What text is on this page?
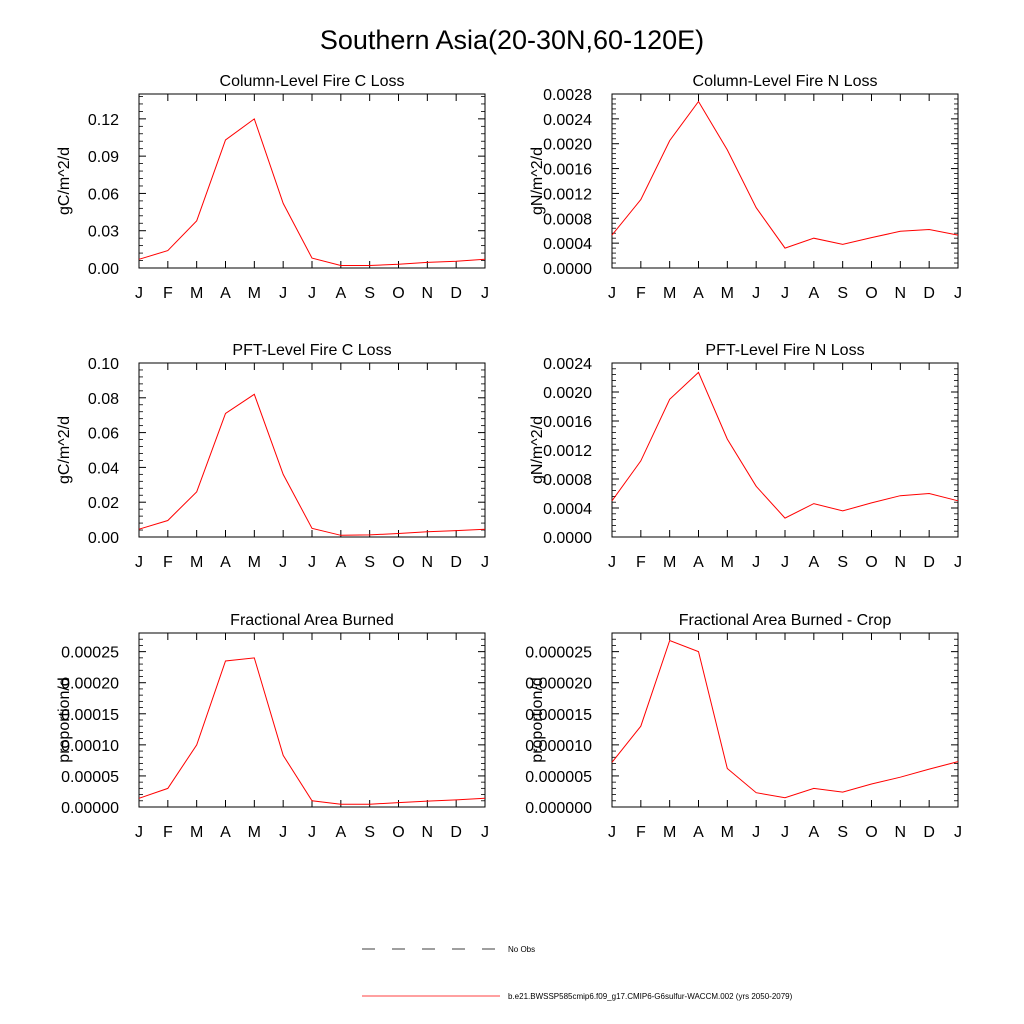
Southern Asia(20-30N,60-120E)
Column-Level Fire C Loss
gC/m^2/d
J F M A M J J A S O N D J
0.00
0.03
0.06
0.09
0.12
Column-Level Fire N Loss
gN/m^2/d
J F M A M J J A S O N D J
0.0000
0.0004
0.0008
0.0012
0.0016
0.0020
0.0024
0.0028
PFT-Level Fire C Loss
gC/m^2/d
J F M A M J J A S O N D J
0.00
0.02
0.04
0.06
0.08
0.10
PFT-Level Fire N Loss
gN/m^2/d
J F M A M J J A S O N D J
0.0000
0.0004
0.0008
0.0012
0.0016
0.0020
0.0024
Fractional Area Burned
proportion/d
J F M A M J J A S O N D J
0.00000
0.00005
0.00010
0.00015
0.00020
0.00025
Fractional Area Burned - Crop
proportion/d
J F M A M J J A S O N D J
0.000000
0.000005
0.000010
0.000015
0.000020
0.000025
No Obs
b.e21.BWSSP585cmip6.f09_g17.CMIP6-G6sulfur-WACCM.002 (yrs 2050-2079)
